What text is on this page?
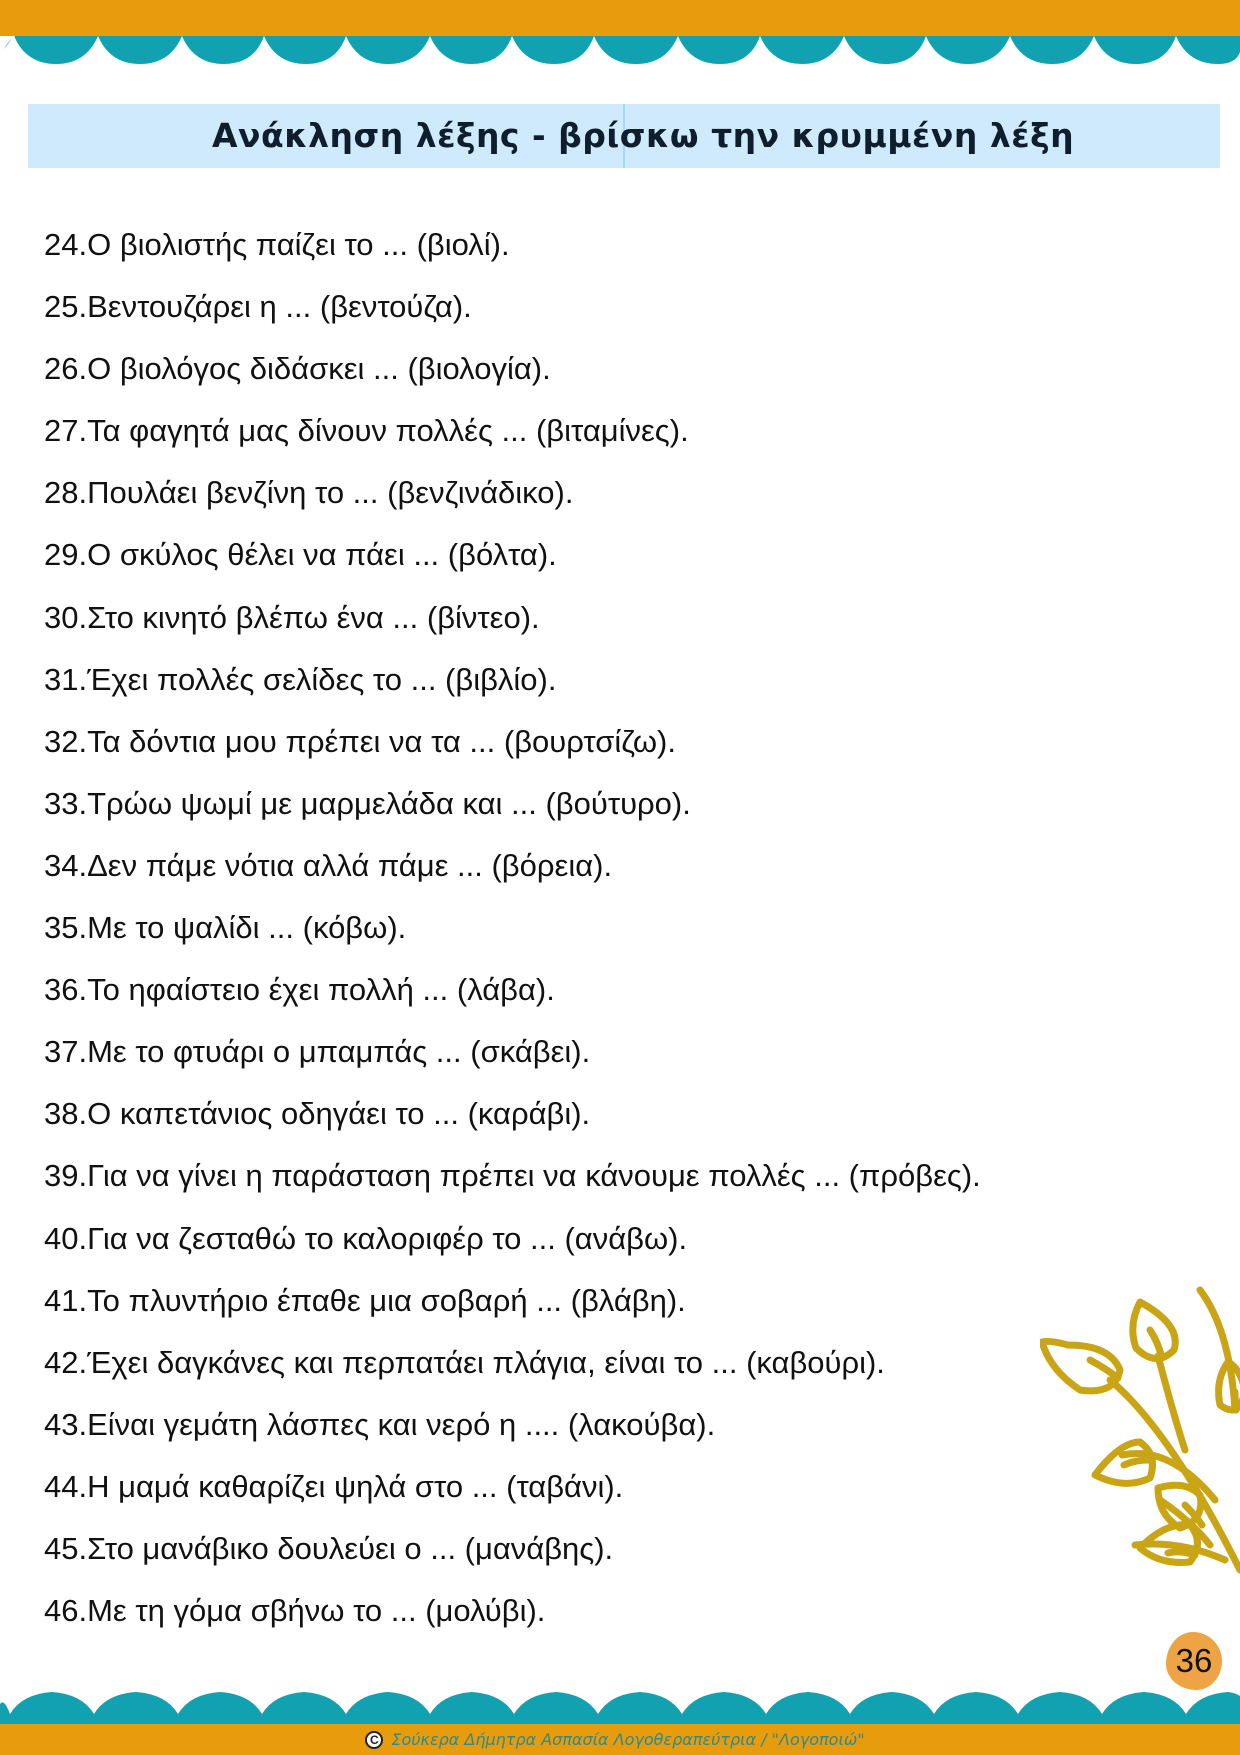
Ανάκληση λέξης - βρίσκω την κρυμμένη λέξη
24.Ο βιολιστής παίζει το ... (βιολί).
25.Βεντουζάρει η ... (βεντούζα).
26.Ο βιολόγος διδάσκει ... (βιολογία).
27.Τα φαγητά μας δίνουν πολλές ... (βιταμίνες).
28.Πουλάει βενζίνη το ... (βενζινάδικο).
29.Ο σκύλος θέλει να πάει ... (βόλτα).
30.Στο κινητό βλέπω ένα ... (βίντεο).
31.Έχει πολλές σελίδες το ... (βιβλίο).
32.Τα δόντια μου πρέπει να τα ... (βουρτσίζω).
33.Τρώω ψωμί με μαρμελάδα και ... (βούτυρο).
34.Δεν πάμε νότια αλλά πάμε ... (βόρεια).
35.Με το ψαλίδι ... (κόβω).
36.Το ηφαίστειο έχει πολλή ... (λάβα).
37.Με το φτυάρι ο μπαμπάς ... (σκάβει).
38.Ο καπετάνιος οδηγάει το ... (καράβι).
39.Για να γίνει η παράσταση πρέπει να κάνουμε πολλές ... (πρόβες).
40.Για να ζεσταθώ το καλοριφέρ το ... (ανάβω).
41.Το πλυντήριο έπαθε μια σοβαρή ... (βλάβη).
42.Έχει δαγκάνες και περπατάει πλάγια, είναι το ... (καβούρι).
43.Είναι γεμάτη λάσπες και νερό η .... (λακούβα).
44.Η μαμά καθαρίζει ψηλά στο ... (ταβάνι).
45.Στο μανάβικο δουλεύει ο ... (μανάβης).
46.Με τη γόμα σβήνω το ... (μολύβι).
36
C Σούκερα Δήμητρα Ασπασία Λογοθεραπεύτρια / "Λογοποιώ"
